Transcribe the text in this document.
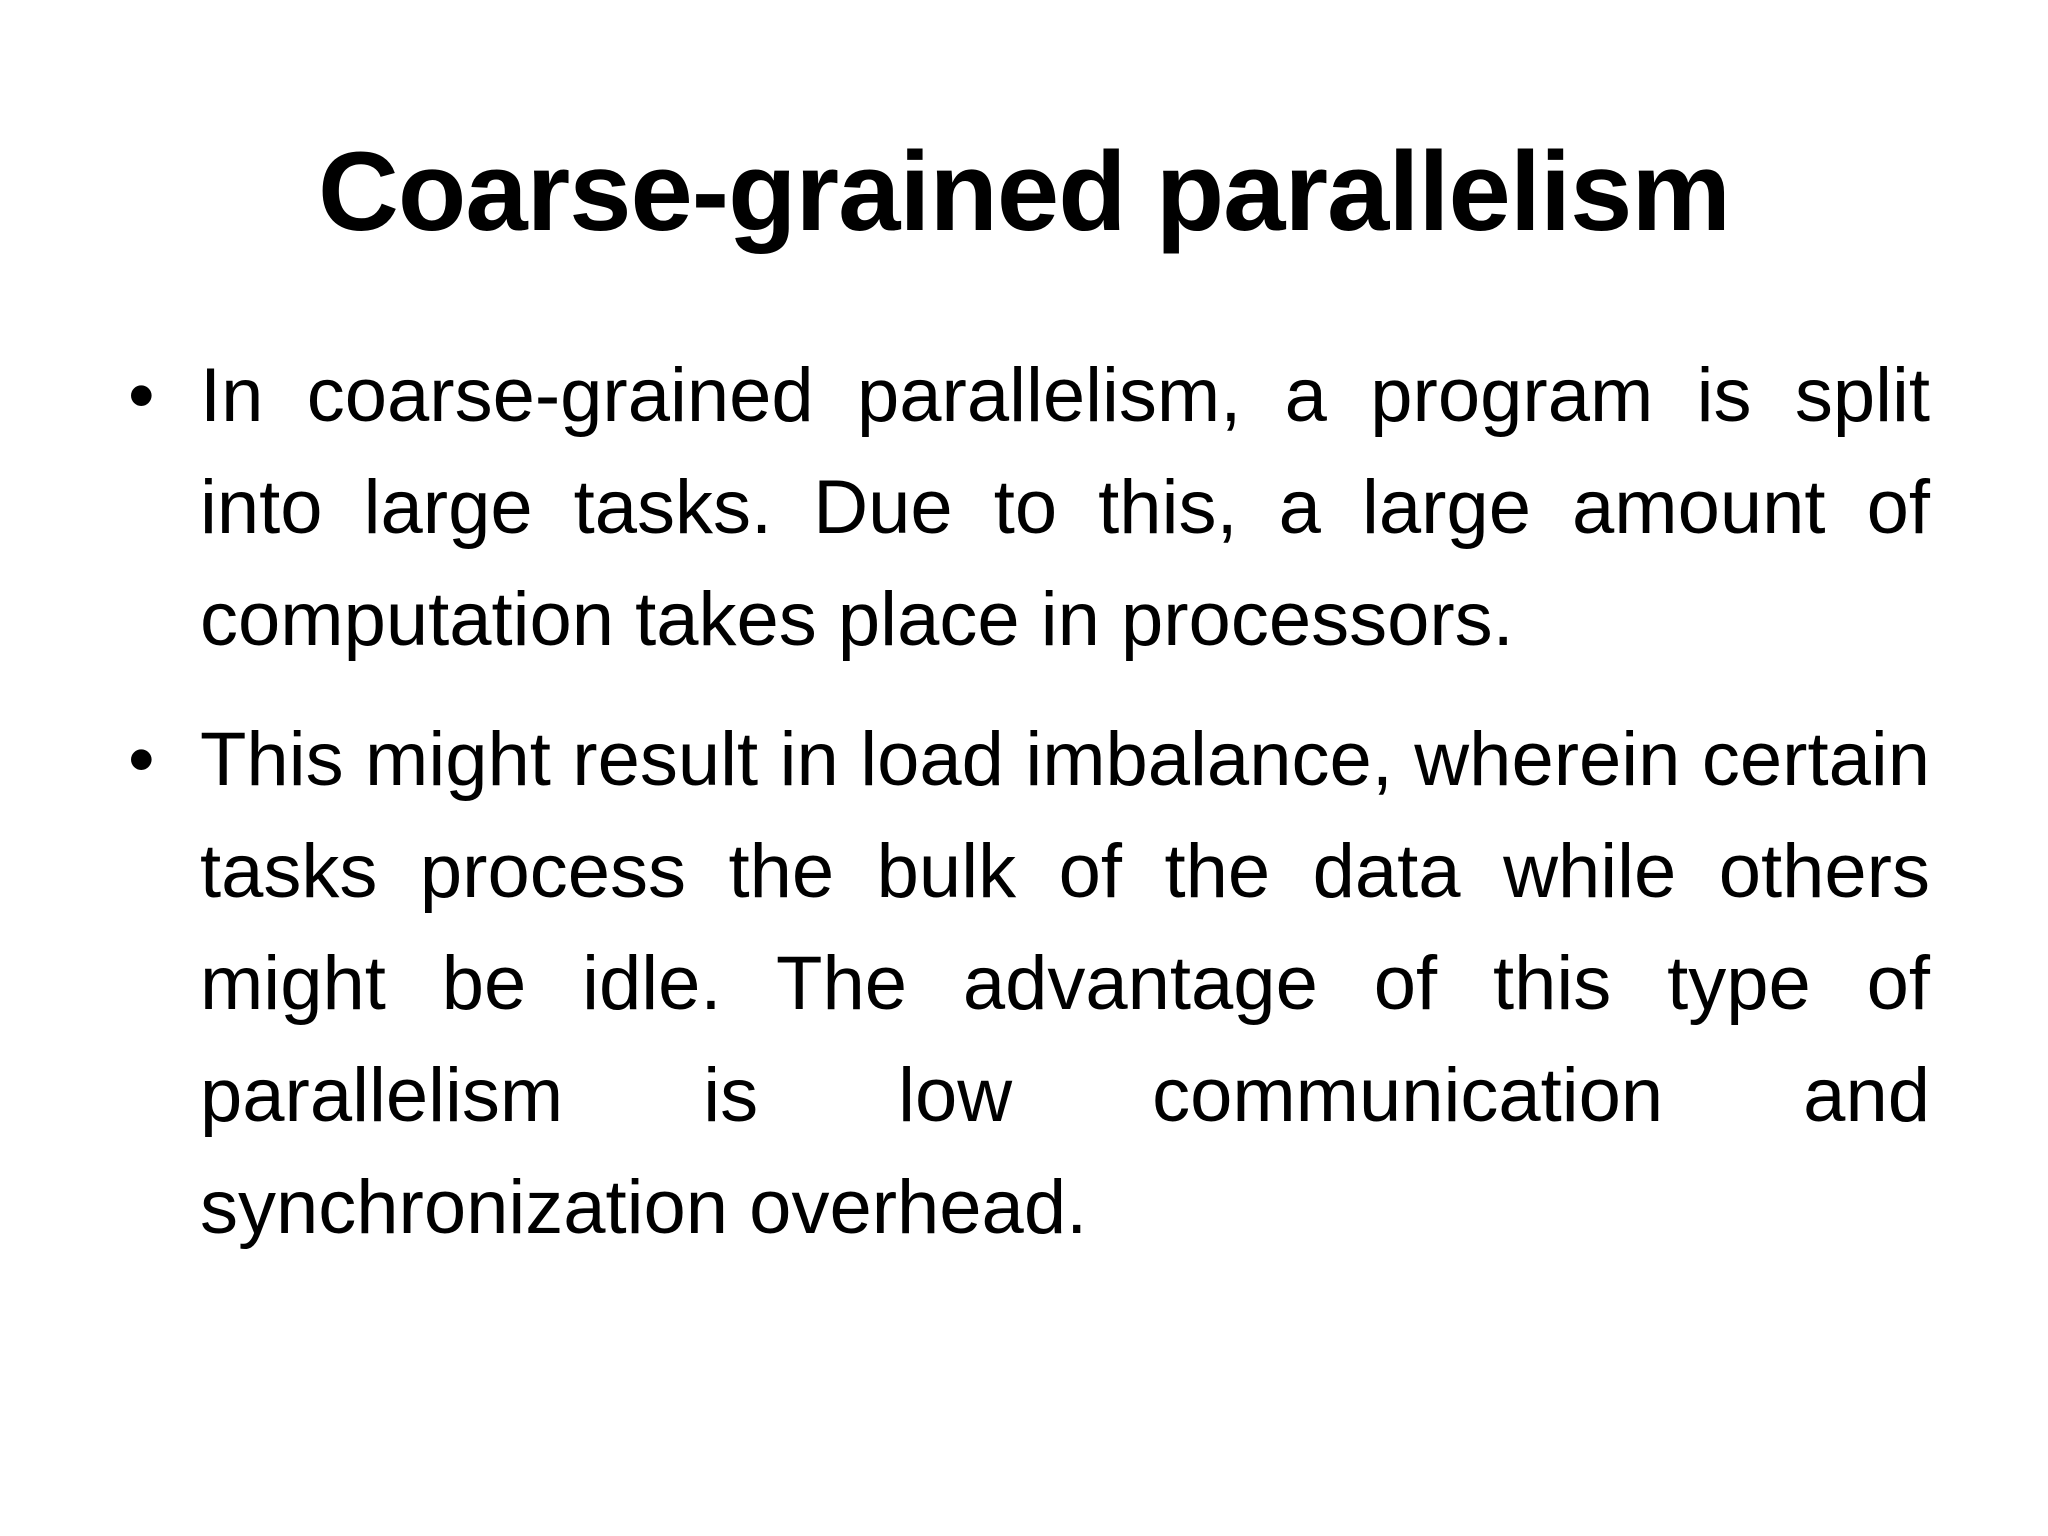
Coarse-grained parallelism
• In coarse-grained parallelism, a program is split into large tasks. Due to this, a large amount of computation takes place in processors.
• This might result in load imbalance, wherein certain tasks process the bulk of the data while others might be idle. The advantage of this type of parallelism is low communication and synchronization overhead.
